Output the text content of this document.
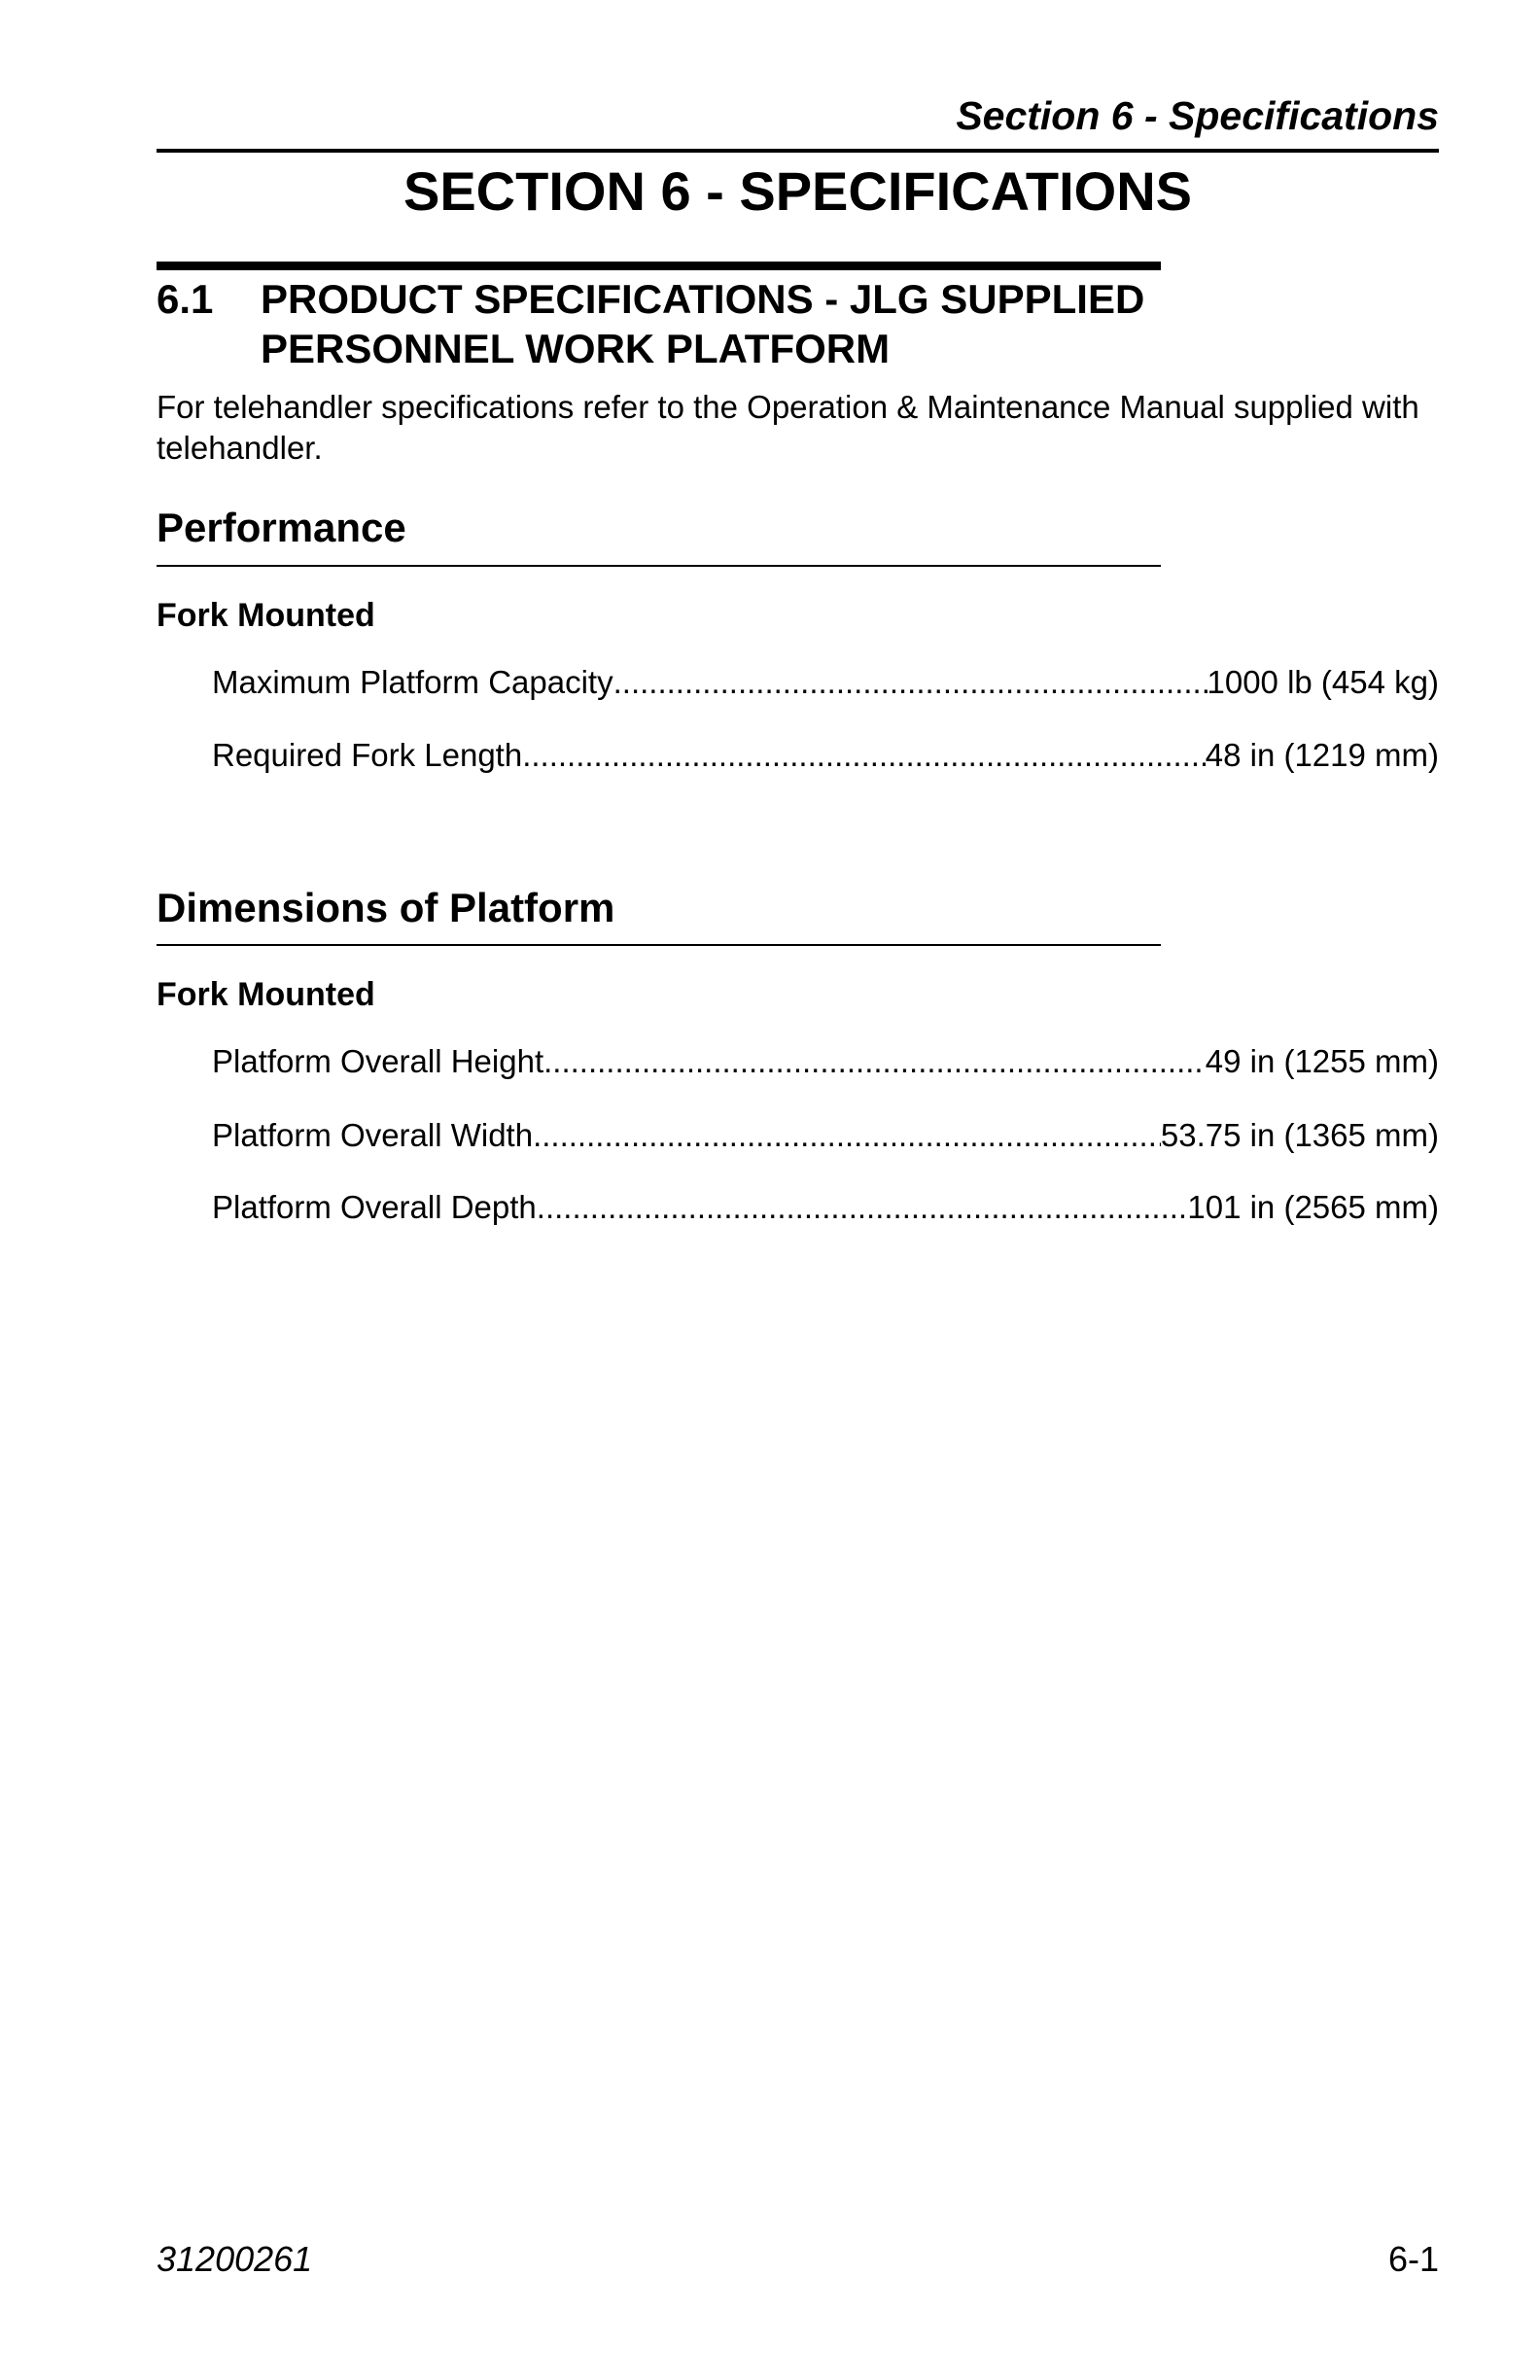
Section 6 - Specifications
SECTION 6 - SPECIFICATIONS
6.1 PRODUCT SPECIFICATIONS - JLG SUPPLIED
PERSONNEL WORK PLATFORM
For telehandler specifications refer to the Operation & Maintenance Manual supplied with telehandler.
Performance
Fork Mounted
Maximum Platform Capacity .....	1000 lb (454 kg)
Required Fork Length .....	48 in (1219 mm)
Dimensions of Platform
Fork Mounted
Platform Overall Height .....	49 in (1255 mm)
Platform Overall Width .....	53.75 in (1365 mm)
Platform Overall Depth .....	101 in (2565 mm)
31200261	6-1
